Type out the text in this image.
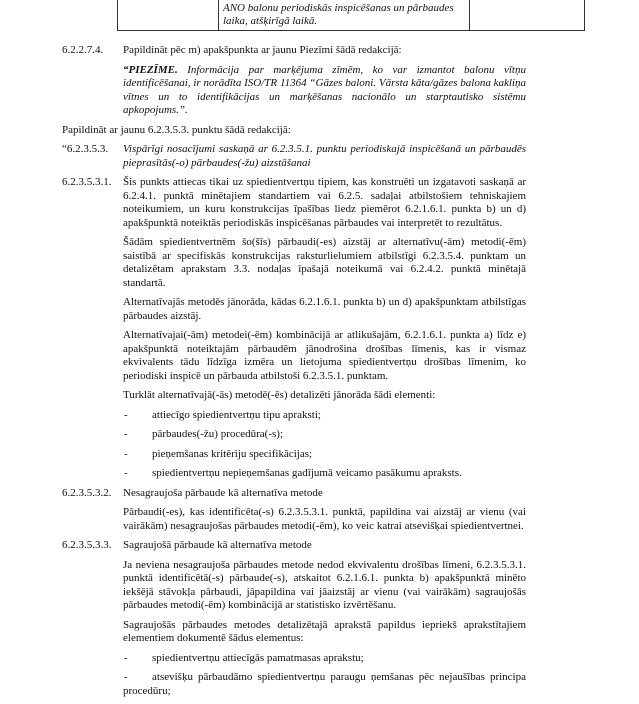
	ANO balonu periodiskās inspicēšanas un pārbaudes laika, atšķirīgā laikā.	
6.2.2.7.4. Papildināt pēc m) apakšpunkta ar jaunu Piezīmi šādā redakcijā:
“PIEZĪME. Informācija par marķējuma zīmēm, ko var izmantot balonu vītņu identificēšanai, ir norādīta ISO/TR 11364 “Gāzes baloni. Vārsta kāta/gāzes balona kakliņa vītnes un to identifikācijas un marķēšanas nacionālo un starptautisko sistēmu apkopojums.”.
Papildināt ar jaunu 6.2.3.5.3. punktu šādā redakcijā:
“6.2.3.5.3. Vispārīgi nosacījumi saskaņā ar 6.2.3.5.1. punktu periodiskajā inspicēšanā un pārbaudēs pieprasītās(-o) pārbaudes(-žu) aizstāšanai
6.2.3.5.3.1. Šis punkts attiecas tikai uz spiedientvertņu tipiem, kas konstruēti un izgatavoti saskaņā ar 6.2.4.1. punktā minētajiem standartiem vai 6.2.5. sadaļai atbilstošiem tehniskajiem noteikumiem, un kuru konstrukcijas īpašības liedz piemērot 6.2.1.6.1. punkta b) un d) apakšpunktā noteiktās periodiskās inspicēšanas pārbaudes vai interpretēt to rezultātus.
Šādām spiedientvertnēm šo(šīs) pārbaudi(-es) aizstāj ar alternatīvu(-ām) metodi(-ēm) saistībā ar specifiskās konstrukcijas raksturlielumiem atbilstīgi 6.2.3.5.4. punktam un detalizētam aprakstam 3.3. nodaļas īpašajā noteikumā vai 6.2.4.2. punktā minētajā standartā.
Alternatīvajās metodēs jānorāda, kādas 6.2.1.6.1. punkta b) un d) apakšpunktam atbilstīgas pārbaudes aizstāj.
Alternatīvajai(-ām) metodei(-ēm) kombinācijā ar atlikušajām, 6.2.1.6.1. punkta a) līdz e) apakšpunktā noteiktajām pārbaudēm jānodrošina drošības līmenis, kas ir vismaz ekvivalents tādu līdzīga izmēra un lietojuma spiedientvertņu drošības līmenim, ko periodiski inspicē un pārbauda atbilstoši 6.2.3.5.1. punktam.
Turklāt alternatīvajā(-ās) metodē(-ēs) detalizēti jānorāda šādi elementi:
-	attiecīgo spiedientvertņu tipu apraksti;
-	pārbaudes(-žu) procedūra(-s);
-	pieņemšanas kritēriju specifikācijas;
-	spiedientvertņu nepieņemšanas gadījumā veicamo pasākumu apraksts.
6.2.3.5.3.2. Nesagraujoša pārbaude kā alternatīva metode
Pārbaudi(-es), kas identificēta(-s) 6.2.3.5.3.1. punktā, papildina vai aizstāj ar vienu (vai vairākām) nesagraujošas pārbaudes metodi(-ēm), ko veic katrai atsevišķai spiedientvertnei.
6.2.3.5.3.3. Sagraujošā pārbaude kā alternatīva metode
Ja neviena nesagraujoša pārbaudes metode nedod ekvivalentu drošības līmeni, 6.2.3.5.3.1. punktā identificētā(-s) pārbaude(-s), atskaitot 6.2.1.6.1. punkta b) apakšpunktā minēto iekšējā stāvokļa pārbaudi, jāpapildina vai jāaizstāj ar vienu (vai vairākām) sagraujošās pārbaudes metodi(-ēm) kombinācijā ar statistisko izvērtēšanu.
Sagraujošās pārbaudes metodes detalizētajā aprakstā papildus iepriekš aprakstītajiem elementiem dokumentē šādus elementus:
-	spiedientvertņu attiecīgās pamatmasas aprakstu;
-	atsevišķu pārbaudāmo spiedientvertņu paraugu ņemšanas pēc nejaušības principa procedūru;
